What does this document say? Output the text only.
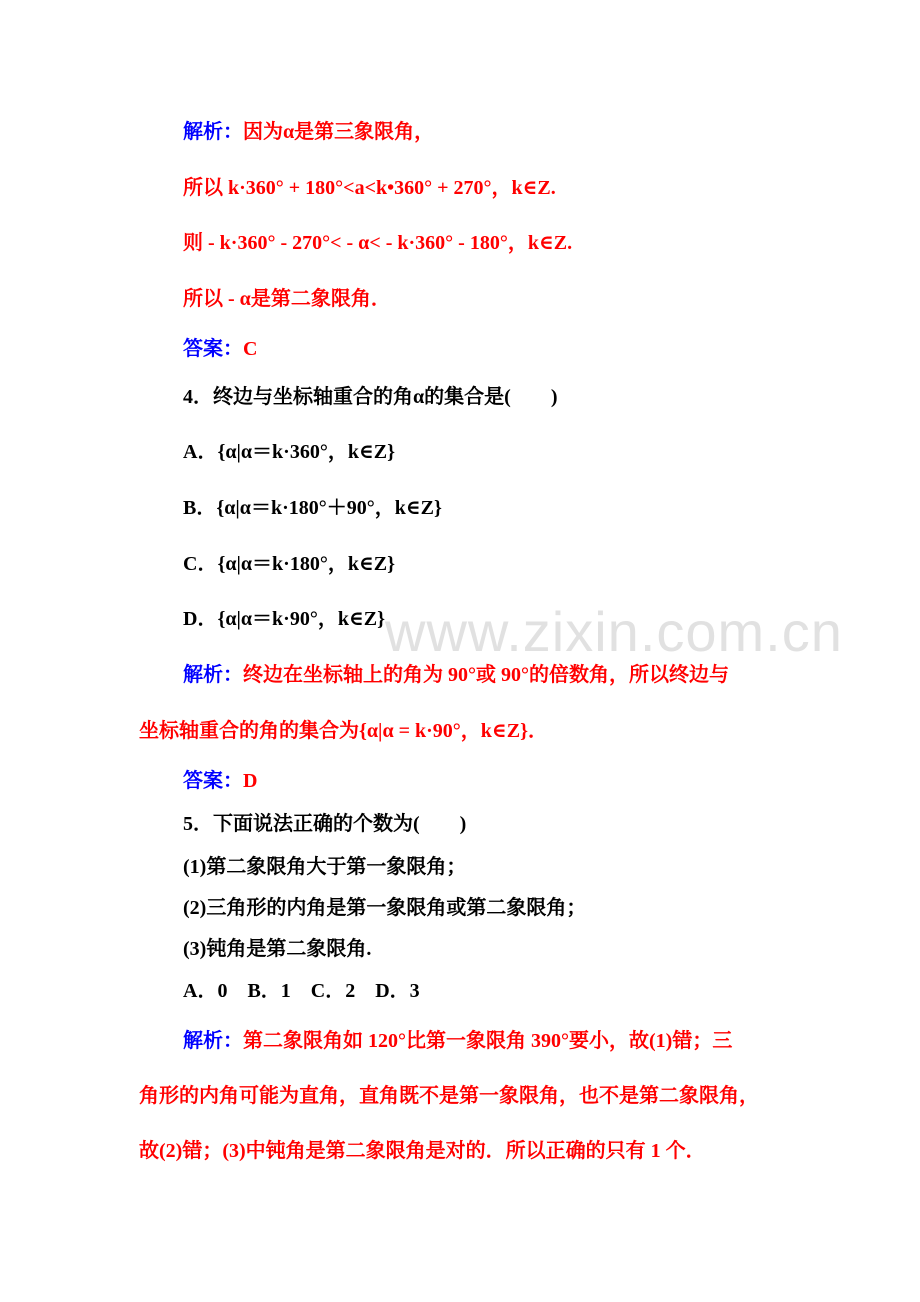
www.zixin.com.cn
解析：因为α是第三象限角，
所以 k·360° + 180°<a<k•360° + 270°，k∈Z.
则 - k·360° - 270°< - α< - k·360° - 180°，k∈Z.
所以 - α是第二象限角．
答案：C
4．终边与坐标轴重合的角α的集合是(　　)
A．{α|α＝k·360°，k∈Z}
B．{α|α＝k·180°＋90°，k∈Z}
C．{α|α＝k·180°，k∈Z}
D．{α|α＝k·90°，k∈Z}
解析：终边在坐标轴上的角为 90°或 90°的倍数角，所以终边与
坐标轴重合的角的集合为{α|α = k·90°，k∈Z}．
答案：D
5．下面说法正确的个数为(　　)
(1)第二象限角大于第一象限角；
(2)三角形的内角是第一象限角或第二象限角；
(3)钝角是第二象限角.
A．0　B．1　C．2　D．3
解析：第二象限角如 120°比第一象限角 390°要小，故(1)错；三
角形的内角可能为直角，直角既不是第一象限角，也不是第二象限角，
故(2)错；(3)中钝角是第二象限角是对的．所以正确的只有 1 个．
